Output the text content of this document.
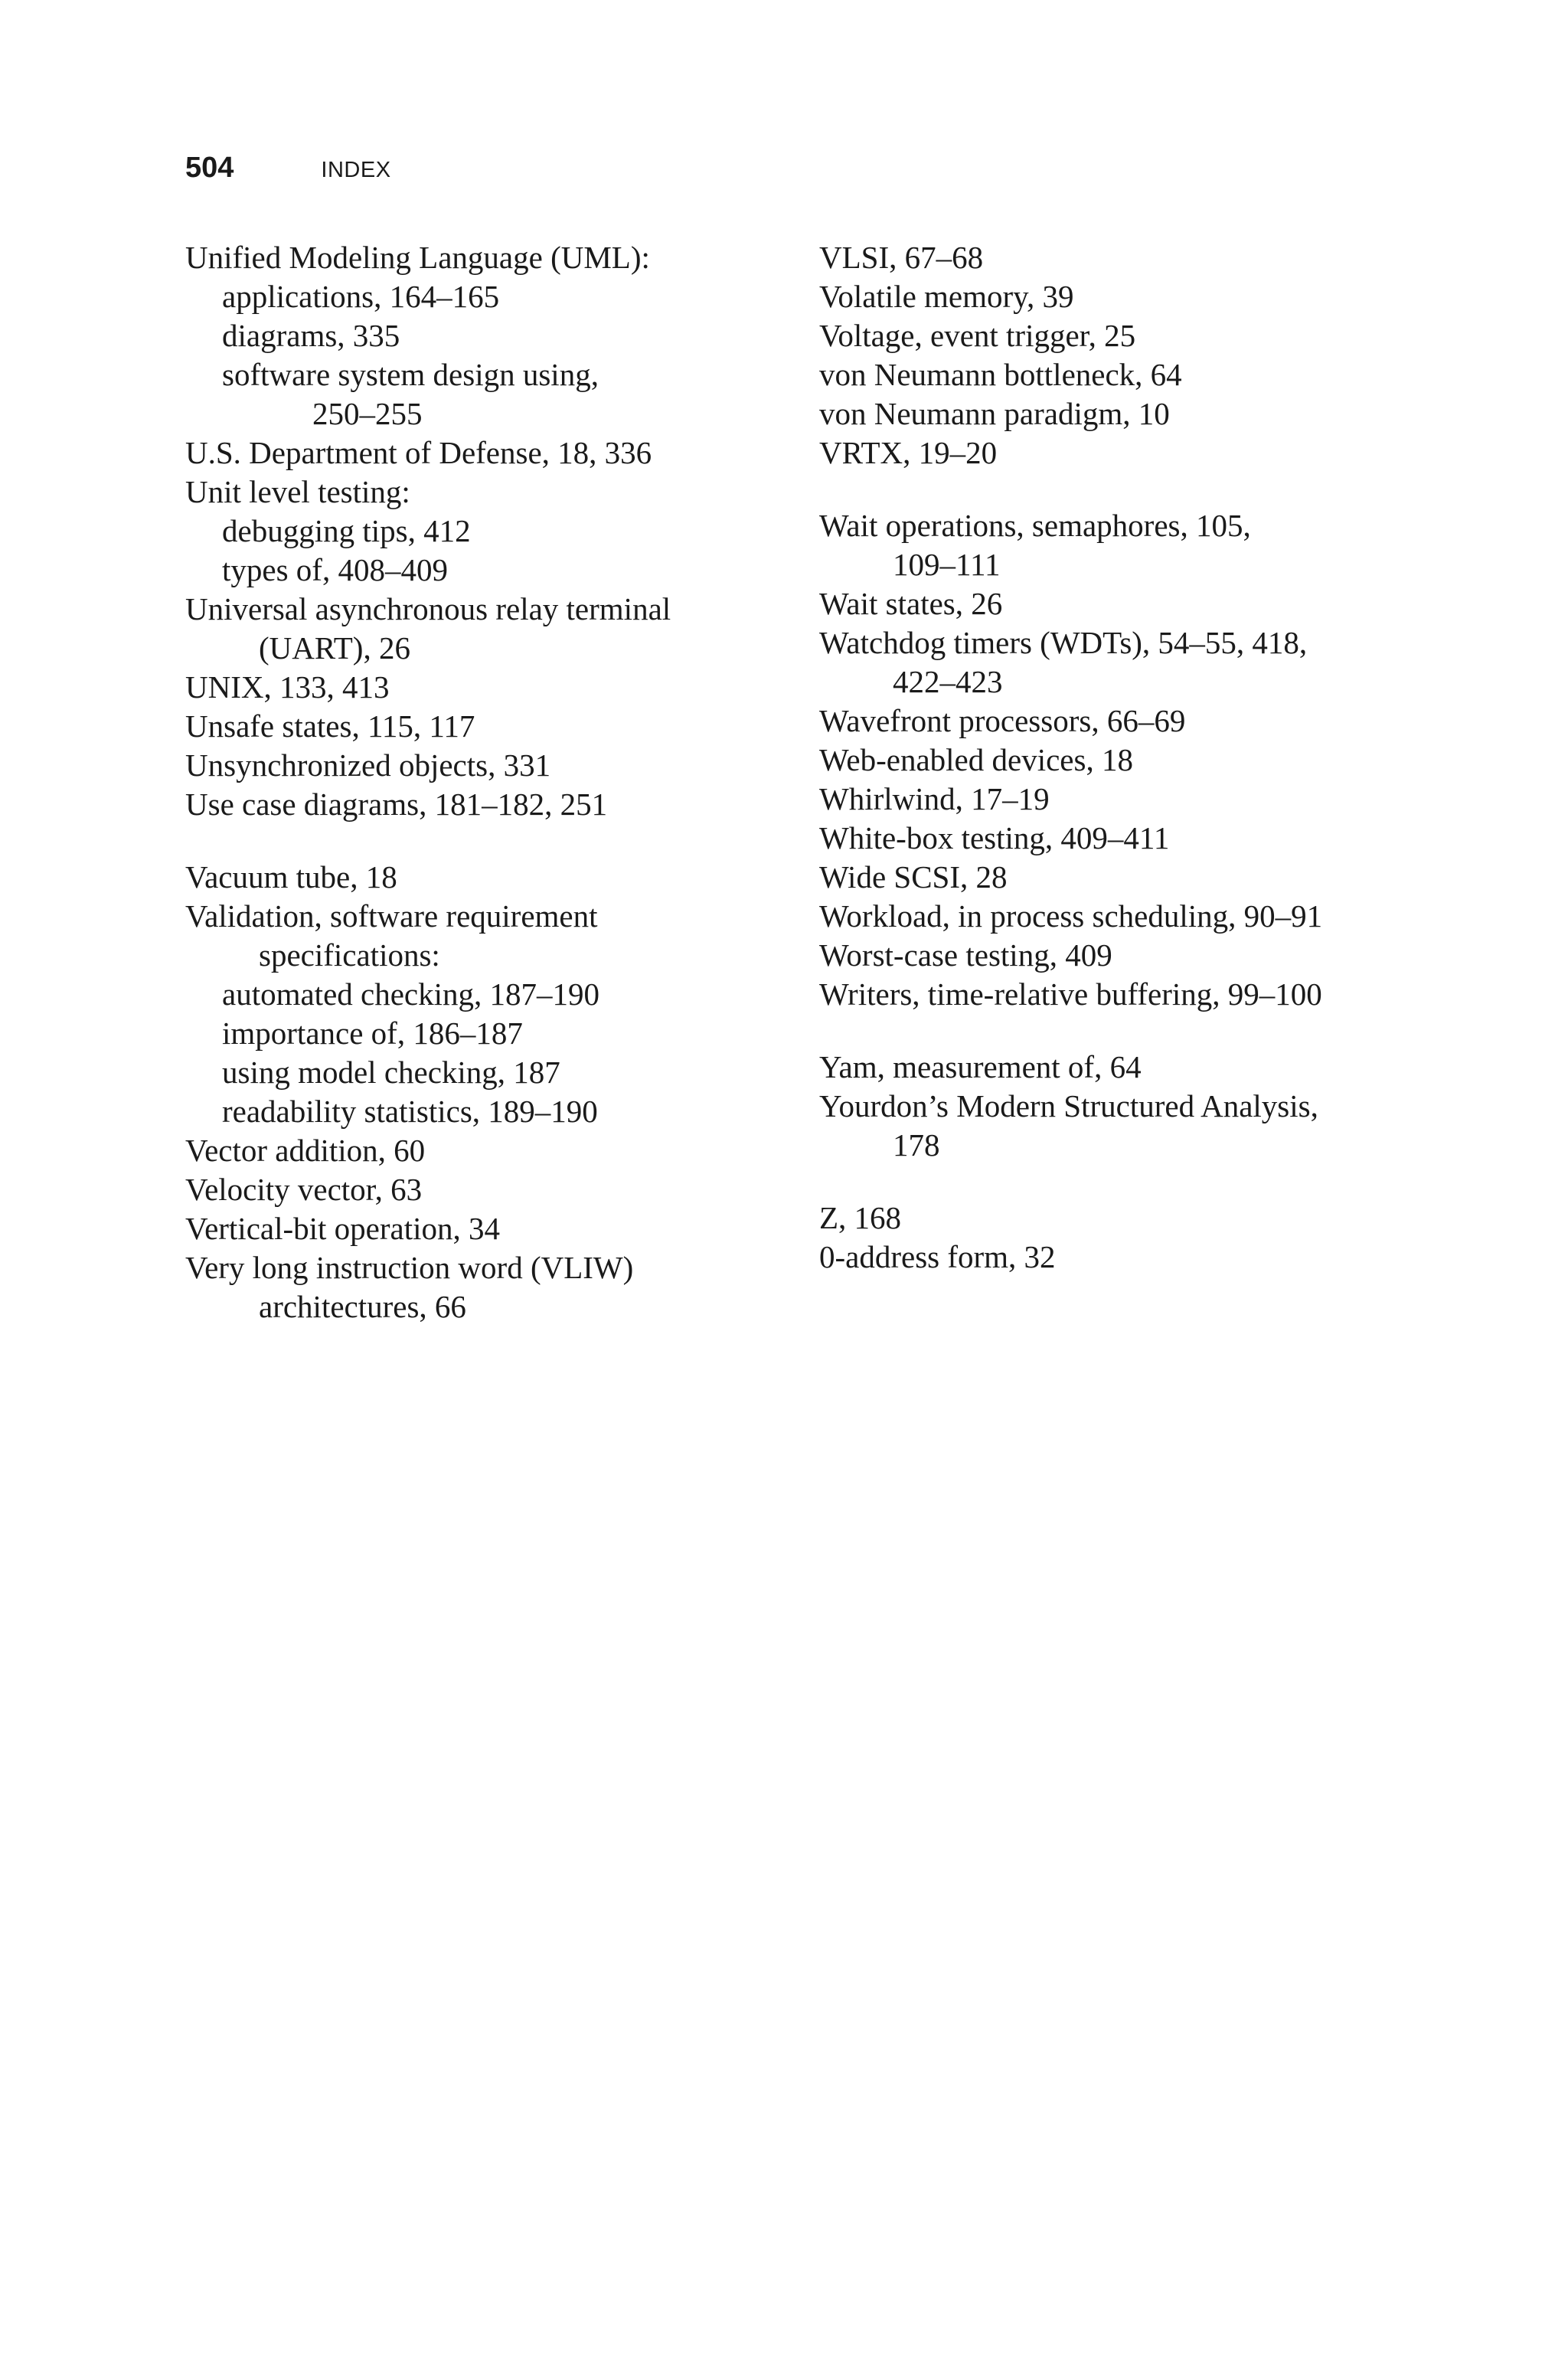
504	INDEX
Unified Modeling Language (UML):
applications, 164–165
diagrams, 335
software system design using,
250–255
U.S. Department of Defense, 18, 336
Unit level testing:
debugging tips, 412
types of, 408–409
Universal asynchronous relay terminal
(UART), 26
UNIX, 133, 413
Unsafe states, 115, 117
Unsynchronized objects, 331
Use case diagrams, 181–182, 251
Vacuum tube, 18
Validation, software requirement
specifications:
automated checking, 187–190
importance of, 186–187
using model checking, 187
readability statistics, 189–190
Vector addition, 60
Velocity vector, 63
Vertical-bit operation, 34
Very long instruction word (VLIW)
architectures, 66
VLSI, 67–68
Volatile memory, 39
Voltage, event trigger, 25
von Neumann bottleneck, 64
von Neumann paradigm, 10
VRTX, 19–20
Wait operations, semaphores, 105,
109–111
Wait states, 26
Watchdog timers (WDTs), 54–55, 418,
422–423
Wavefront processors, 66–69
Web-enabled devices, 18
Whirlwind, 17–19
White-box testing, 409–411
Wide SCSI, 28
Workload, in process scheduling, 90–91
Worst-case testing, 409
Writers, time-relative buffering, 99–100
Yam, measurement of, 64
Yourdon’s Modern Structured Analysis,
178
Z, 168
0-address form, 32
